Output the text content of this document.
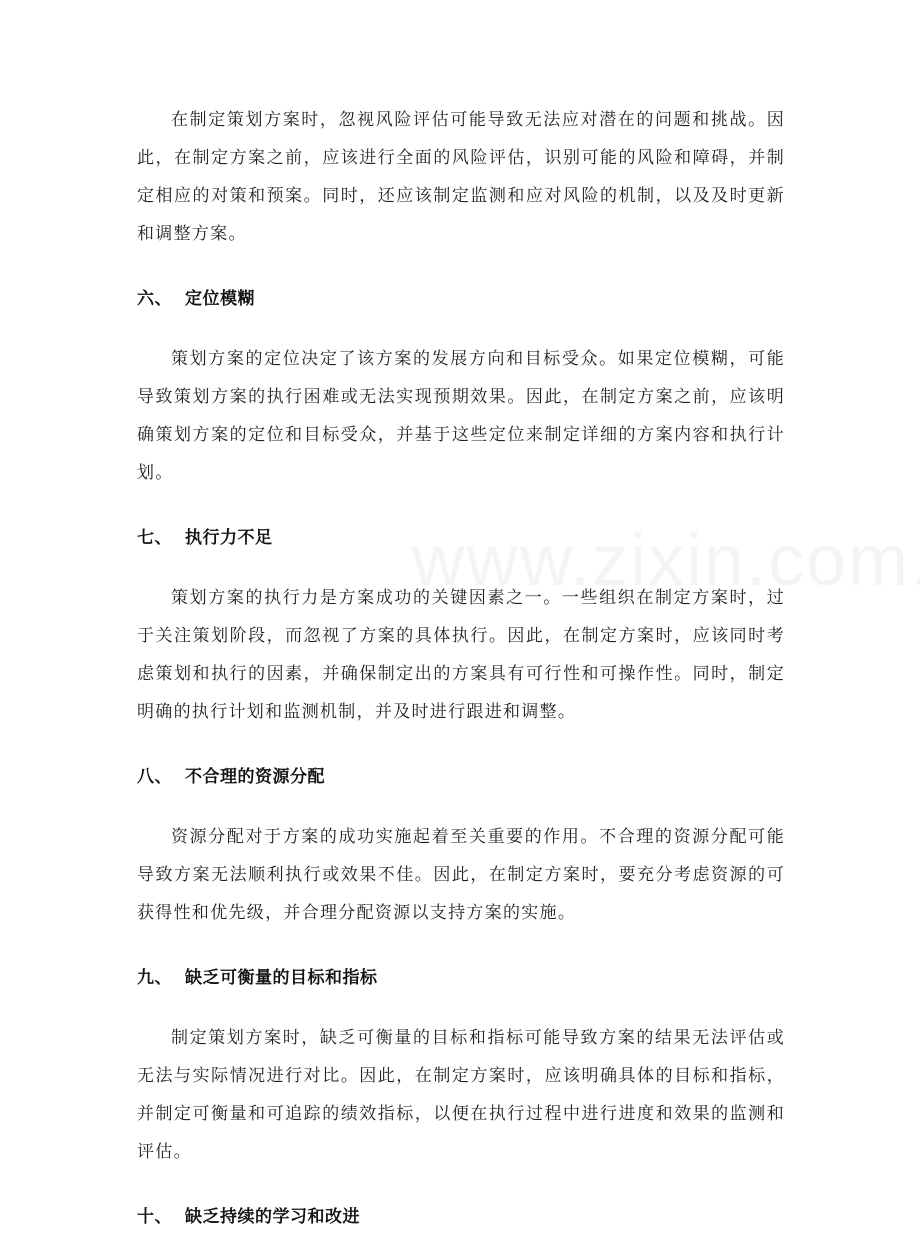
在制定策划方案时，忽视风险评估可能导致无法应对潜在的问题和挑战。因此，在制定方案之前，应该进行全面的风险评估，识别可能的风险和障碍，并制定相应的对策和预案。同时，还应该制定监测和应对风险的机制，以及及时更新和调整方案。

六、 定位模糊

策划方案的定位决定了该方案的发展方向和目标受众。如果定位模糊，可能导致策划方案的执行困难或无法实现预期效果。因此，在制定方案之前，应该明确策划方案的定位和目标受众，并基于这些定位来制定详细的方案内容和执行计划。

七、 执行力不足

策划方案的执行力是方案成功的关键因素之一。一些组织在制定方案时，过于关注策划阶段，而忽视了方案的具体执行。因此，在制定方案时，应该同时考虑策划和执行的因素，并确保制定出的方案具有可行性和可操作性。同时，制定明确的执行计划和监测机制，并及时进行跟进和调整。

八、 不合理的资源分配

资源分配对于方案的成功实施起着至关重要的作用。不合理的资源分配可能导致方案无法顺利执行或效果不佳。因此，在制定方案时，要充分考虑资源的可获得性和优先级，并合理分配资源以支持方案的实施。

九、 缺乏可衡量的目标和指标

制定策划方案时，缺乏可衡量的目标和指标可能导致方案的结果无法评估或无法与实际情况进行对比。因此，在制定方案时，应该明确具体的目标和指标，并制定可衡量和可追踪的绩效指标，以便在执行过程中进行进度和效果的监测和评估。

十、 缺乏持续的学习和改进
